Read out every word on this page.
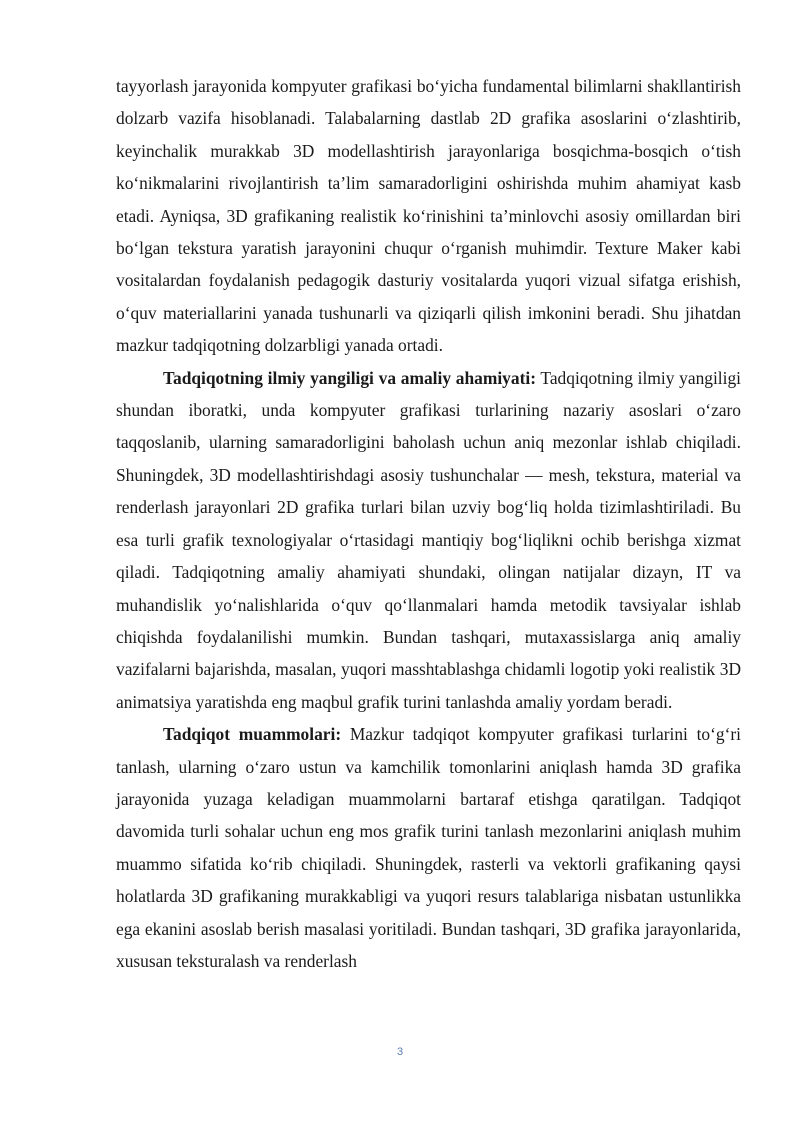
tayyorlash jarayonida kompyuter grafikasi bo‘yicha fundamental bilimlarni shakllantirish dolzarb vazifa hisoblanadi. Talabalarning dastlab 2D grafika asoslarini o‘zlashtirib, keyinchalik murakkab 3D modellashtirish jarayonlariga bosqichma-bosqich o‘tish ko‘nikmalarini rivojlantirish ta’lim samaradorligini oshirishda muhim ahamiyat kasb etadi. Ayniqsa, 3D grafikaning realistik ko‘rinishini ta’minlovchi asosiy omillardan biri bo‘lgan tekstura yaratish jarayonini chuqur o‘rganish muhimdir. Texture Maker kabi vositalardan foydalanish pedagogik dasturiy vositalarda yuqori vizual sifatga erishish, o‘quv materiallarini yanada tushunarli va qiziqarli qilish imkonini beradi. Shu jihatdan mazkur tadqiqotning dolzarbligi yanada ortadi.

Tadqiqotning ilmiy yangiligi va amaliy ahamiyati: Tadqiqotning ilmiy yangiligi shundan iboratki, unda kompyuter grafikasi turlarining nazariy asoslari o‘zaro taqqoslanib, ularning samaradorligini baholash uchun aniq mezonlar ishlab chiqiladi. Shuningdek, 3D modellashtirishdagi asosiy tushunchalar — mesh, tekstura, material va renderlash jarayonlari 2D grafika turlari bilan uzviy bog‘liq holda tizimlashtiriladi. Bu esa turli grafik texnologiyalar o‘rtasidagi mantiqiy bog‘liqlikni ochib berishga xizmat qiladi. Tadqiqotning amaliy ahamiyati shundaki, olingan natijalar dizayn, IT va muhandislik yo‘nalishlarida o‘quv qo‘llanmalari hamda metodik tavsiyalar ishlab chiqishda foydalanilishi mumkin. Bundan tashqari, mutaxassislarga aniq amaliy vazifalarni bajarishda, masalan, yuqori masshtablashga chidamli logotip yoki realistik 3D animatsiya yaratishda eng maqbul grafik turini tanlashda amaliy yordam beradi.

Tadqiqot muammolari: Mazkur tadqiqot kompyuter grafikasi turlarini to‘g‘ri tanlash, ularning o‘zaro ustun va kamchilik tomonlarini aniqlash hamda 3D grafika jarayonida yuzaga keladigan muammolarni bartaraf etishga qaratilgan. Tadqiqot davomida turli sohalar uchun eng mos grafik turini tanlash mezonlarini aniqlash muhim muammo sifatida ko‘rib chiqiladi. Shuningdek, rasterli va vektorli grafikaning qaysi holatlarda 3D grafikaning murakkabligi va yuqori resurs talablariga nisbatan ustunlikka ega ekanini asoslab berish masalasi yoritiladi. Bundan tashqari, 3D grafika jarayonlarida, xususan teksturalash va renderlash

3
